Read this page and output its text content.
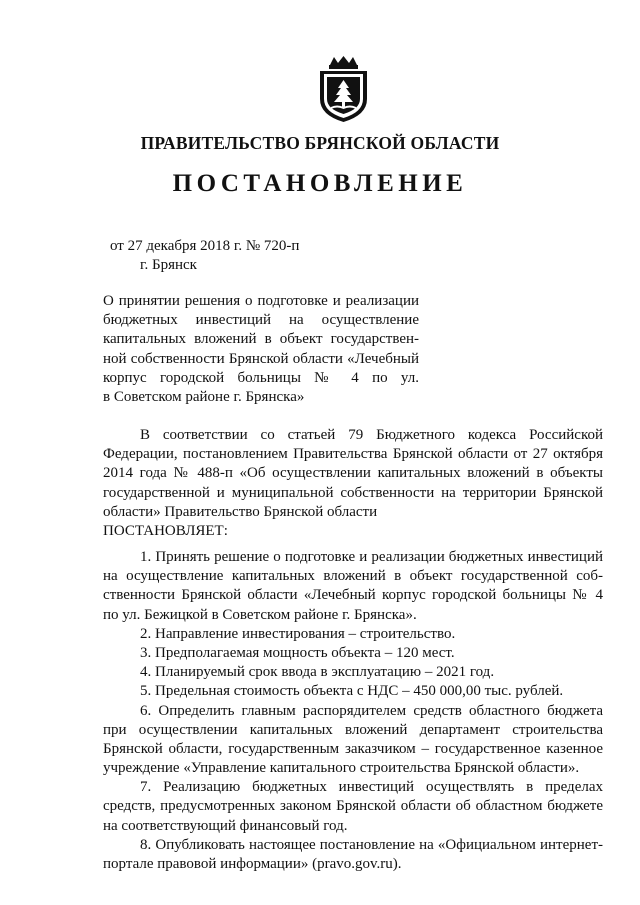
ПРАВИТЕЛЬСТВО БРЯНСКОЙ ОБЛАСТИ
ПОСТАНОВЛЕНИЕ
от 27 декабря 2018 г. № 720-п
г. Брянск
О принятии решения о подготовке и реализации
бюджетных инвестиций на осуществление
капитальных вложений в объект государствен-
ной собственности Брянской области «Лечебный
корпус городской больницы № 4 по ул.
в Советском районе г. Брянска»
В соответствии со статьей 79 Бюджетного кодекса Российской
Федерации, постановлением Правительства Брянской области от 27 октября
2014 года № 488-п «Об осуществлении капитальных вложений в объекты
государственной и муниципальной собственности на территории Брянской
области» Правительство Брянской области
ПОСТАНОВЛЯЕТ:
1. Принять решение о подготовке и реализации бюджетных инвестиций
на осуществление капитальных вложений в объект государственной соб-
ственности Брянской области «Лечебный корпус городской больницы № 4
по ул. Бежицкой в Советском районе г. Брянска».
2. Направление инвестирования – строительство.
3. Предполагаемая мощность объекта – 120 мест.
4. Планируемый срок ввода в эксплуатацию – 2021 год.
5. Предельная стоимость объекта с НДС – 450 000,00 тыс. рублей.
6. Определить главным распорядителем средств областного бюджета
при осуществлении капитальных вложений департамент строительства
Брянской области, государственным заказчиком – государственное казенное
учреждение «Управление капитального строительства Брянской области».
7. Реализацию бюджетных инвестиций осуществлять в пределах
средств, предусмотренных законом Брянской области об областном бюджете
на соответствующий финансовый год.
8. Опубликовать настоящее постановление на «Официальном интернет-
портале правовой информации» (pravo.gov.ru).
